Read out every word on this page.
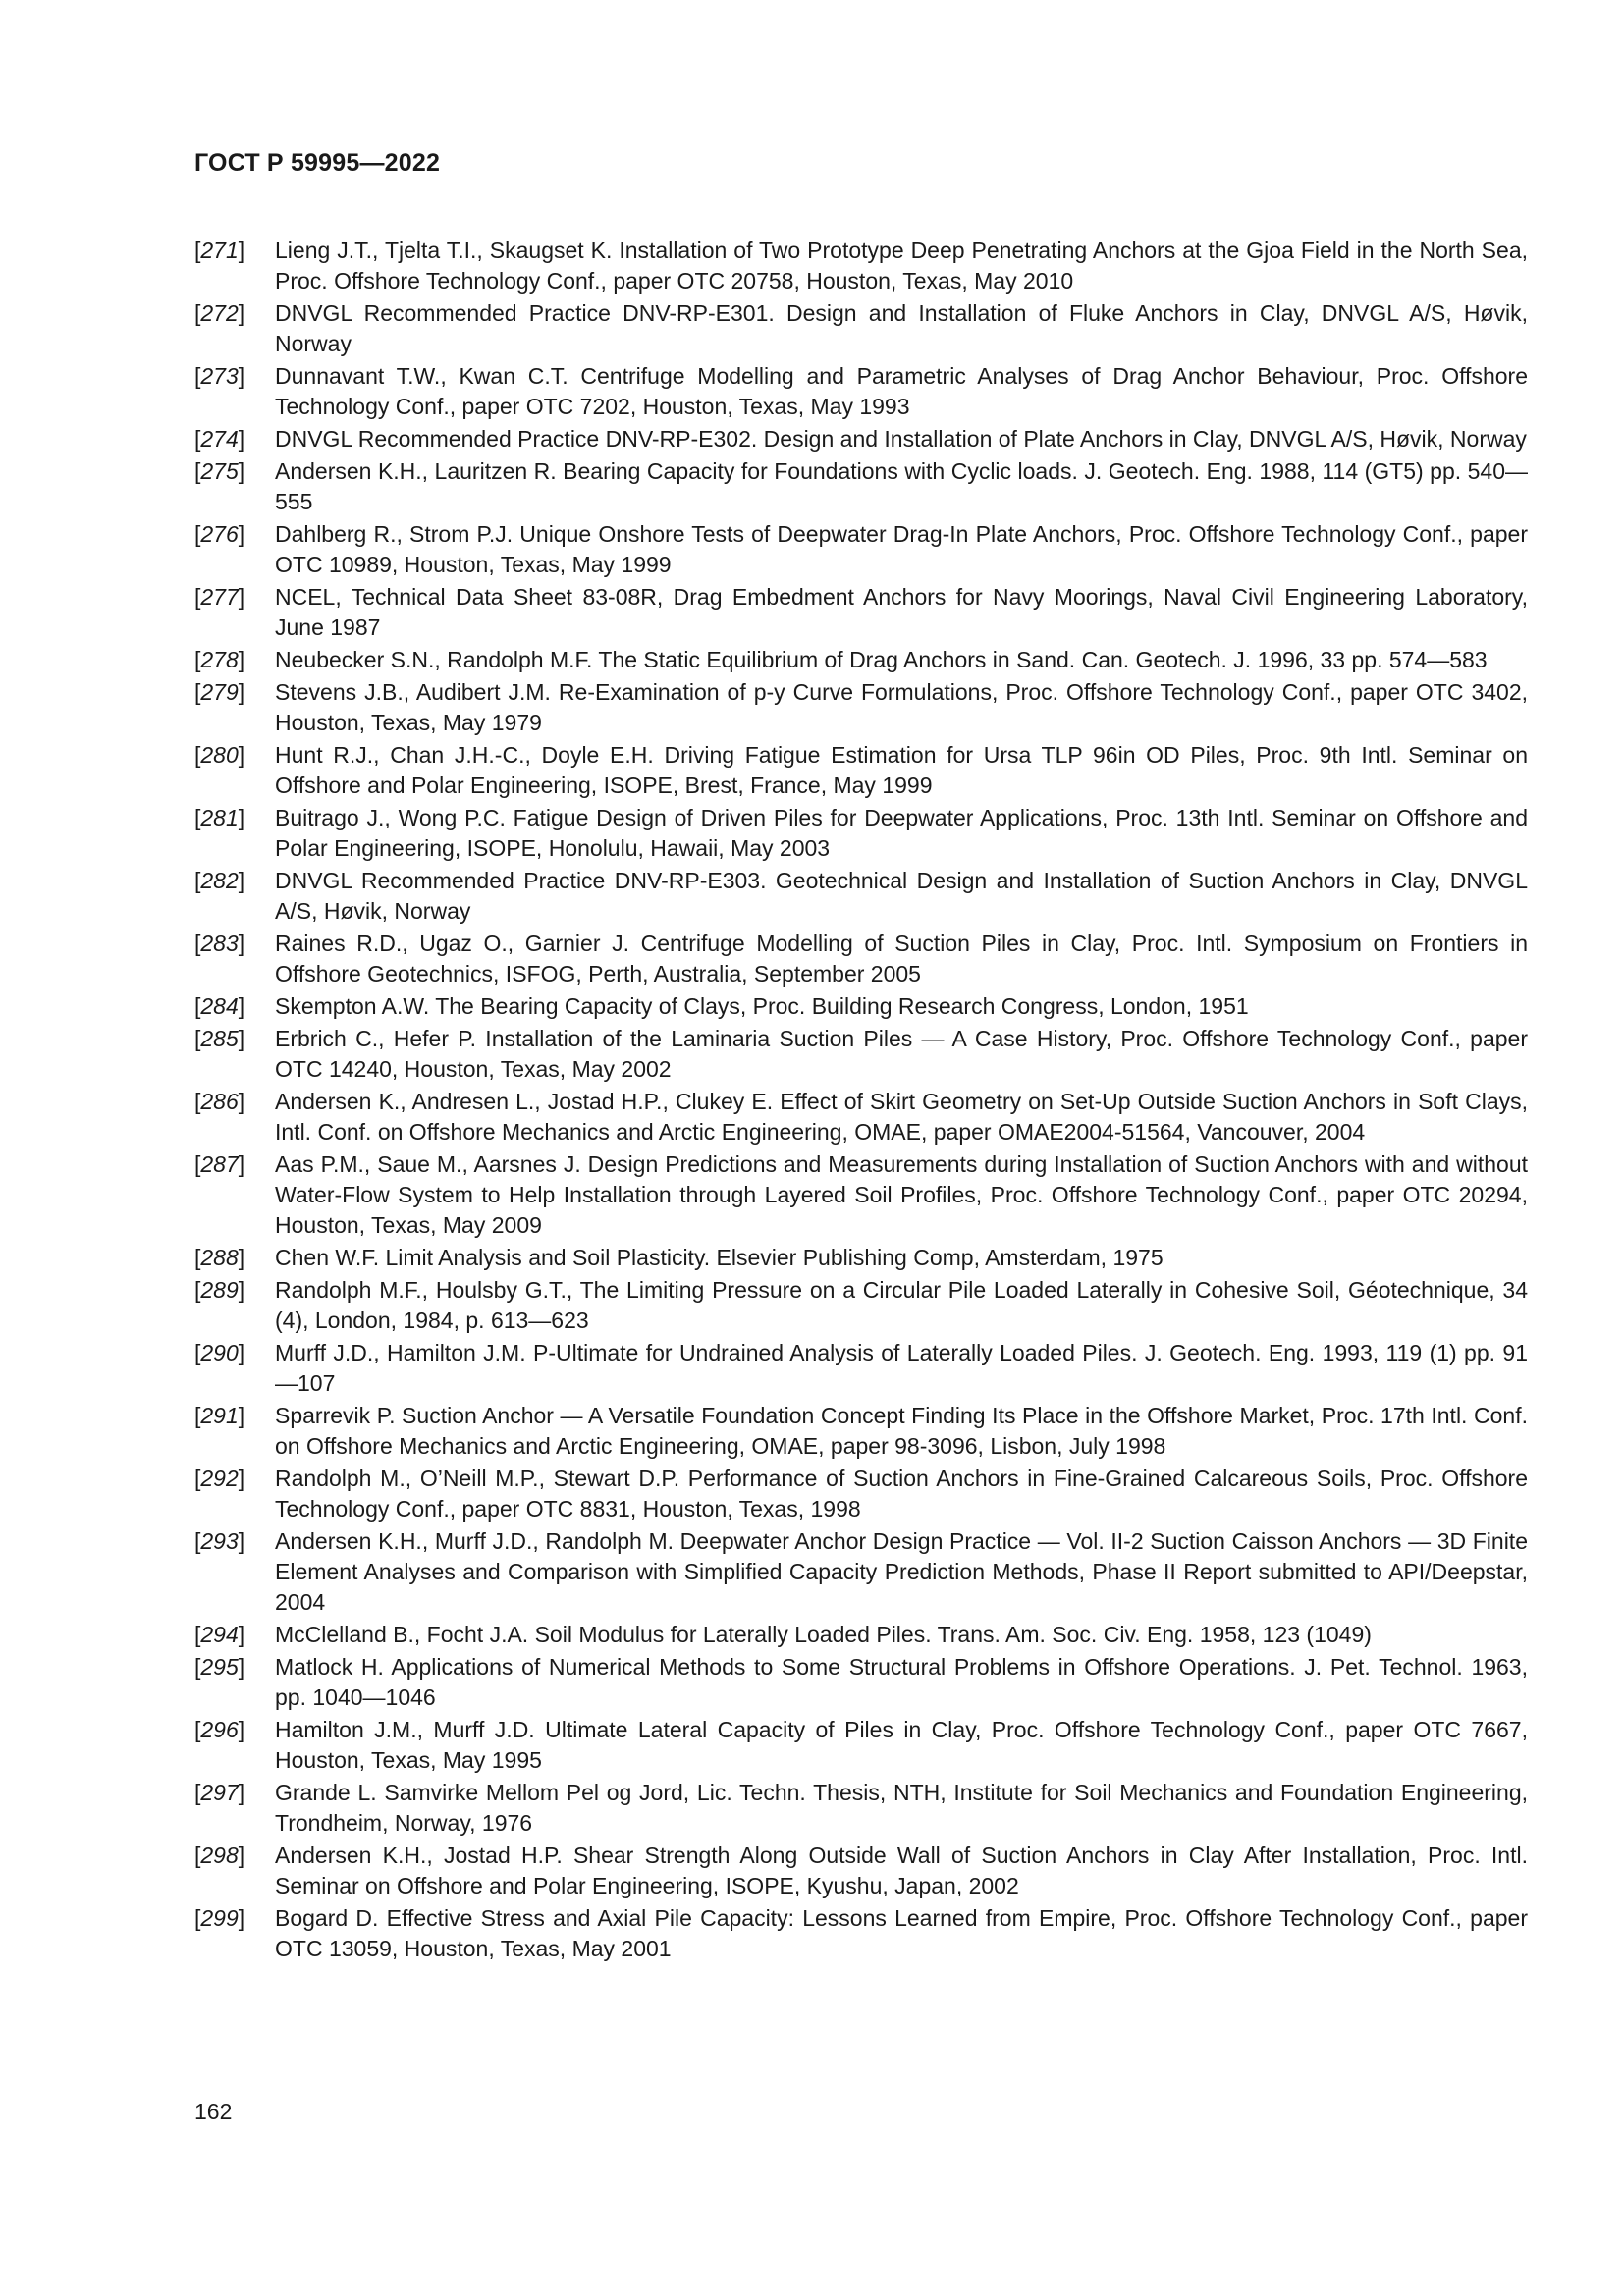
ГОСТ Р 59995—2022
[271]	Lieng J.T., Tjelta T.I., Skaugset K. Installation of Two Prototype Deep Penetrating Anchors at the Gjoa Field in the North Sea, Proc. Offshore Technology Conf., paper OTC 20758, Houston, Texas, May 2010
[272]	DNVGL Recommended Practice DNV-RP-E301. Design and Installation of Fluke Anchors in Clay, DNVGL A/S, Høvik, Norway
[273]	Dunnavant T.W., Kwan C.T. Centrifuge Modelling and Parametric Analyses of Drag Anchor Behaviour, Proc. Offshore Technology Conf., paper OTC 7202, Houston, Texas, May 1993
[274]	DNVGL Recommended Practice DNV-RP-E302. Design and Installation of Plate Anchors in Clay, DNVGL A/S, Høvik, Norway
[275]	Andersen K.H., Lauritzen R. Bearing Capacity for Foundations with Cyclic loads. J. Geotech. Eng. 1988, 114 (GT5) pp. 540—555
[276]	Dahlberg R., Strom P.J. Unique Onshore Tests of Deepwater Drag-In Plate Anchors, Proc. Offshore Technology Conf., paper OTC 10989, Houston, Texas, May 1999
[277]	NCEL, Technical Data Sheet 83-08R, Drag Embedment Anchors for Navy Moorings, Naval Civil Engineering Laboratory, June 1987
[278]	Neubecker S.N., Randolph M.F. The Static Equilibrium of Drag Anchors in Sand. Can. Geotech. J. 1996, 33 pp. 574—583
[279]	Stevens J.B., Audibert J.M. Re-Examination of p-y Curve Formulations, Proc. Offshore Technology Conf., paper OTC 3402, Houston, Texas, May 1979
[280]	Hunt R.J., Chan J.H.-C., Doyle E.H. Driving Fatigue Estimation for Ursa TLP 96in OD Piles, Proc. 9th Intl. Seminar on Offshore and Polar Engineering, ISOPE, Brest, France, May 1999
[281]	Buitrago J., Wong P.C. Fatigue Design of Driven Piles for Deepwater Applications, Proc. 13th Intl. Seminar on Offshore and Polar Engineering, ISOPE, Honolulu, Hawaii, May 2003
[282]	DNVGL Recommended Practice DNV-RP-E303. Geotechnical Design and Installation of Suction Anchors in Clay, DNVGL A/S, Høvik, Norway
[283]	Raines R.D., Ugaz O., Garnier J. Centrifuge Modelling of Suction Piles in Clay, Proc. Intl. Symposium on Frontiers in Offshore Geotechnics, ISFOG, Perth, Australia, September 2005
[284]	Skempton A.W. The Bearing Capacity of Clays, Proc. Building Research Congress, London, 1951
[285]	Erbrich C., Hefer P. Installation of the Laminaria Suction Piles — A Case History, Proc. Offshore Technology Conf., paper OTC 14240, Houston, Texas, May 2002
[286]	Andersen K., Andresen L., Jostad H.P., Clukey E. Effect of Skirt Geometry on Set-Up Outside Suction Anchors in Soft Clays, Intl. Conf. on Offshore Mechanics and Arctic Engineering, OMAE, paper OMAE2004-51564, Vancouver, 2004
[287]	Aas P.M., Saue M., Aarsnes J. Design Predictions and Measurements during Installation of Suction Anchors with and without Water-Flow System to Help Installation through Layered Soil Profiles, Proc. Offshore Technology Conf., paper OTC 20294, Houston, Texas, May 2009
[288]	Chen W.F. Limit Analysis and Soil Plasticity. Elsevier Publishing Comp, Amsterdam, 1975
[289]	Randolph M.F., Houlsby G.T., The Limiting Pressure on a Circular Pile Loaded Laterally in Cohesive Soil, Géotechnique, 34 (4), London, 1984, p. 613—623
[290]	Murff J.D., Hamilton J.M. P-Ultimate for Undrained Analysis of Laterally Loaded Piles. J. Geotech. Eng. 1993, 119 (1) pp. 91—107
[291]	Sparrevik P. Suction Anchor — A Versatile Foundation Concept Finding Its Place in the Offshore Market, Proc. 17th Intl. Conf. on Offshore Mechanics and Arctic Engineering, OMAE, paper 98-3096, Lisbon, July 1998
[292]	Randolph M., O’Neill M.P., Stewart D.P. Performance of Suction Anchors in Fine-Grained Calcareous Soils, Proc. Offshore Technology Conf., paper OTC 8831, Houston, Texas, 1998
[293]	Andersen K.H., Murff J.D., Randolph M. Deepwater Anchor Design Practice — Vol. II-2 Suction Caisson Anchors — 3D Finite Element Analyses and Comparison with Simplified Capacity Prediction Methods, Phase II Report submitted to API/Deepstar, 2004
[294]	McClelland B., Focht J.A. Soil Modulus for Laterally Loaded Piles. Trans. Am. Soc. Civ. Eng. 1958, 123 (1049)
[295]	Matlock H. Applications of Numerical Methods to Some Structural Problems in Offshore Operations. J. Pet. Technol. 1963, pp. 1040—1046
[296]	Hamilton J.M., Murff J.D. Ultimate Lateral Capacity of Piles in Clay, Proc. Offshore Technology Conf., paper OTC 7667, Houston, Texas, May 1995
[297]	Grande L. Samvirke Mellom Pel og Jord, Lic. Techn. Thesis, NTH, Institute for Soil Mechanics and Foundation Engineering, Trondheim, Norway, 1976
[298]	Andersen K.H., Jostad H.P. Shear Strength Along Outside Wall of Suction Anchors in Clay After Installation, Proc. Intl. Seminar on Offshore and Polar Engineering, ISOPE, Kyushu, Japan, 2002
[299]	Bogard D. Effective Stress and Axial Pile Capacity: Lessons Learned from Empire, Proc. Offshore Technology Conf., paper OTC 13059, Houston, Texas, May 2001
162
